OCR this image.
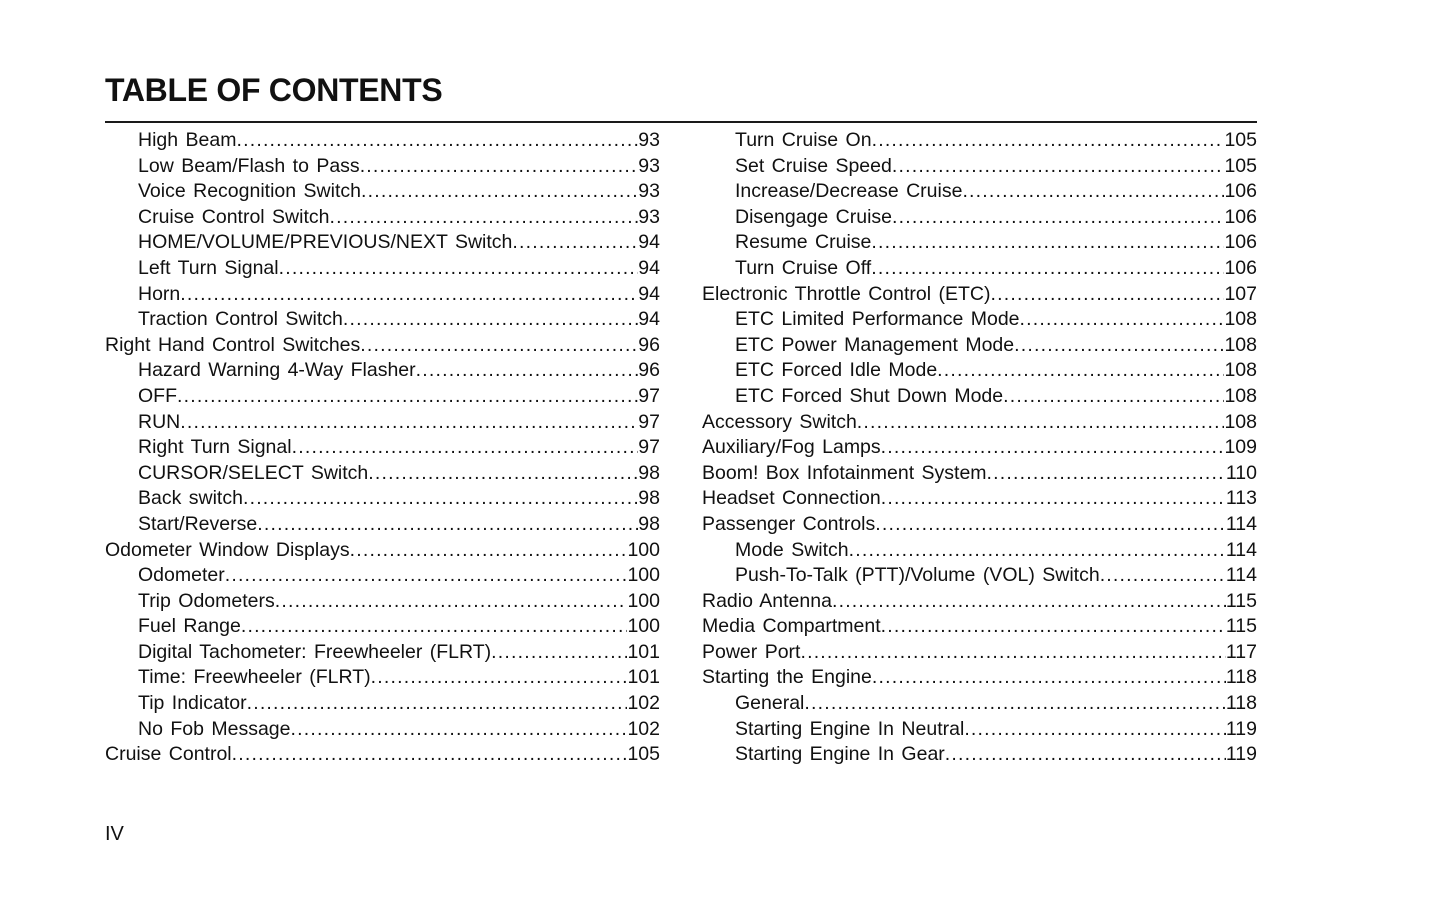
TABLE OF CONTENTS
High Beam .....	93
Low Beam/Flash to Pass .....	93
Voice Recognition Switch .....	93
Cruise Control Switch .....	93
HOME/VOLUME/PREVIOUS/NEXT Switch .....	94
Left Turn Signal .....	94
Horn .....	94
Traction Control Switch .....	94
Right Hand Control Switches .....	96
Hazard Warning 4-Way Flasher .....	96
OFF .....	97
RUN .....	97
Right Turn Signal .....	97
CURSOR/SELECT Switch .....	98
Back switch .....	98
Start/Reverse .....	98
Odometer Window Displays .....	100
Odometer .....	100
Trip Odometers .....	100
Fuel Range .....	100
Digital Tachometer: Freewheeler (FLRT) .....	101
Time: Freewheeler (FLRT) .....	101
Tip Indicator .....	102
No Fob Message .....	102
Cruise Control .....	105
Turn Cruise On .....	105
Set Cruise Speed .....	105
Increase/Decrease Cruise .....	106
Disengage Cruise .....	106
Resume Cruise .....	106
Turn Cruise Off .....	106
Electronic Throttle Control (ETC) .....	107
ETC Limited Performance Mode .....	108
ETC Power Management Mode .....	108
ETC Forced Idle Mode .....	108
ETC Forced Shut Down Mode .....	108
Accessory Switch .....	108
Auxiliary/Fog Lamps .....	109
Boom! Box Infotainment System .....	110
Headset Connection .....	113
Passenger Controls .....	114
Mode Switch .....	114
Push-To-Talk (PTT)/Volume (VOL) Switch .....	114
Radio Antenna .....	115
Media Compartment .....	115
Power Port .....	117
Starting the Engine .....	118
General .....	118
Starting Engine In Neutral .....	119
Starting Engine In Gear .....	119
IV
